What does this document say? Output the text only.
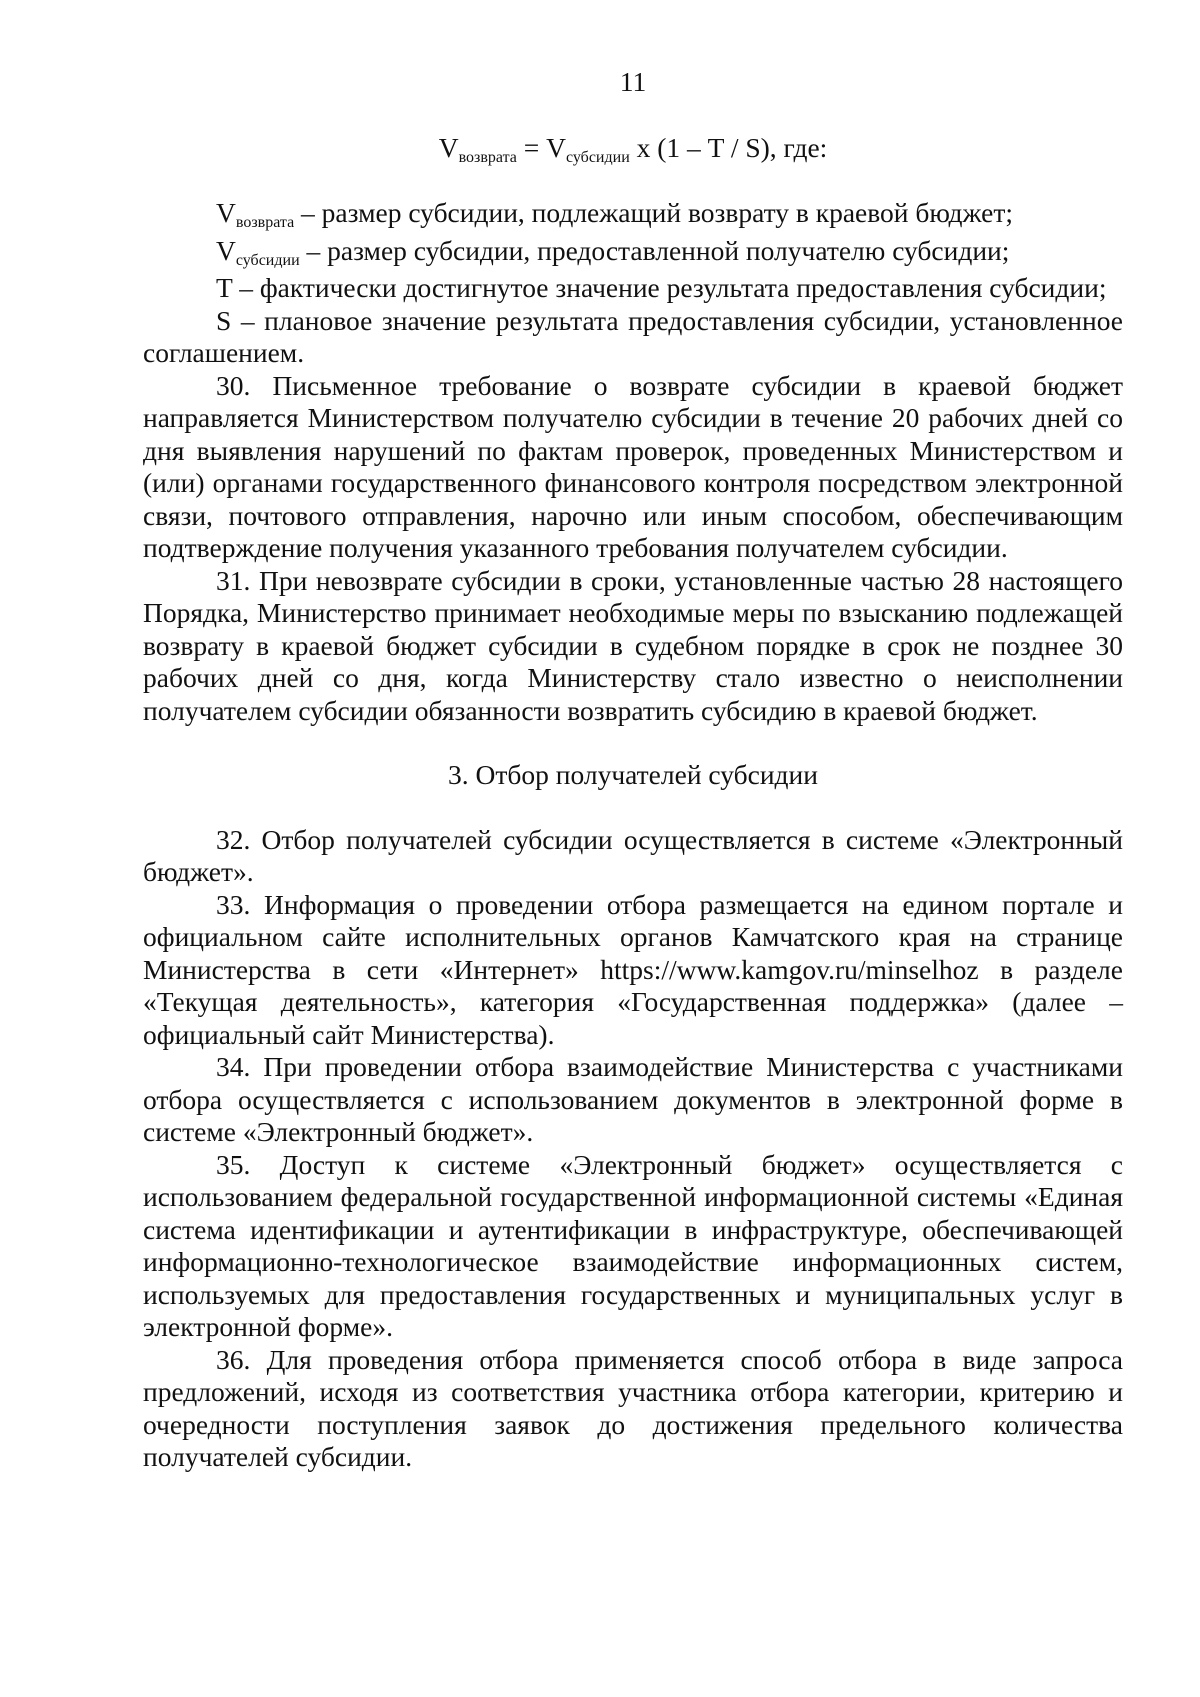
11
$V_{возврата} = V_{субсидии}$ х (1 – T / S), где:

$V_{возврата}$ – размер субсидии, подлежащий возврату в краевой бюджет;

$V_{субсидии}$ – размер субсидии, предоставленной получателю субсидии;

T – фактически достигнутое значение результата предоставления субсидии;

S – плановое значение результата предоставления субсидии, установленное соглашением.

30. Письменное требование о возврате субсидии в краевой бюджет направляется Министерством получателю субсидии в течение 20 рабочих дней со дня выявления нарушений по фактам проверок, проведенных Министерством и (или) органами государственного финансового контроля посредством электронной связи, почтового отправления, нарочно или иным способом, обеспечивающим подтверждение получения указанного требования получателем субсидии.

31. При невозврате субсидии в сроки, установленные частью 28 настоящего Порядка, Министерство принимает необходимые меры по взысканию подлежащей возврату в краевой бюджет субсидии в судебном порядке в срок не позднее 30 рабочих дней со дня, когда Министерству стало известно о неисполнении получателем субсидии обязанности возвратить субсидию в краевой бюджет.

3. Отбор получателей субсидии

32. Отбор получателей субсидии осуществляется в системе «Электронный бюджет».

33. Информация о проведении отбора размещается на едином портале и официальном сайте исполнительных органов Камчатского края на странице Министерства в сети «Интернет» https://www.kamgov.ru/minselhoz в разделе «Текущая деятельность», категория «Государственная поддержка» (далее – официальный сайт Министерства).

34. При проведении отбора взаимодействие Министерства с участниками отбора осуществляется с использованием документов в электронной форме в системе «Электронный бюджет».

35. Доступ к системе «Электронный бюджет» осуществляется с использованием федеральной государственной информационной системы «Единая система идентификации и аутентификации в инфраструктуре, обеспечивающей информационно-технологическое взаимодействие информационных систем, используемых для предоставления государственных и муниципальных услуг в электронной форме».

36. Для проведения отбора применяется способ отбора в виде запроса предложений, исходя из соответствия участника отбора категории, критерию и очередности поступления заявок до достижения предельного количества получателей субсидии.
